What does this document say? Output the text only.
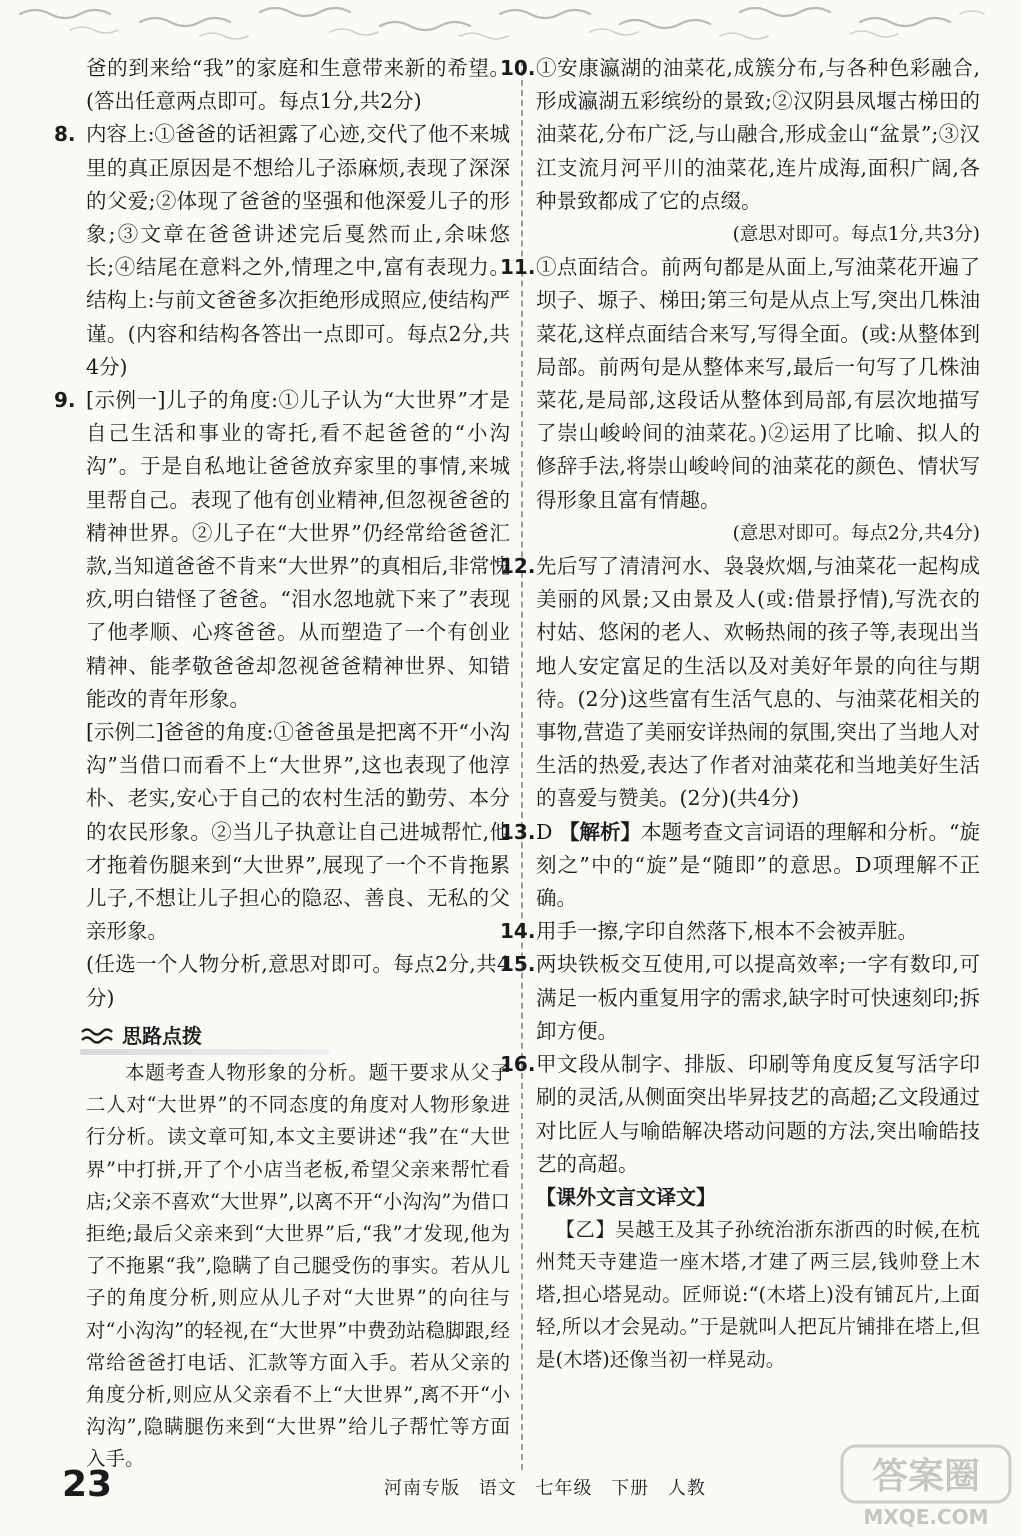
爸的到来给“我”的家庭和生意带来新的希望。(答出任意两点即可。每点1分,共2分)
8. 内容上:①爸爸的话袒露了心迹,交代了他不来城里的真正原因是不想给儿子添麻烦,表现了深深的父爱;②体现了爸爸的坚强和他深爱儿子的形象;③文章在爸爸讲述完后戛然而止,余味悠长;④结尾在意料之外,情理之中,富有表现力。结构上:与前文爸爸多次拒绝形成照应,使结构严谨。(内容和结构各答出一点即可。每点2分,共4分)
9. [示例一]儿子的角度:①儿子认为“大世界”才是自己生活和事业的寄托,看不起爸爸的“小沟沟”。于是自私地让爸爸放弃家里的事情,来城里帮自己。表现了他有创业精神,但忽视爸爸的精神世界。②儿子在“大世界”仍经常给爸爸汇款,当知道爸爸不肯来“大世界”的真相后,非常愧疚,明白错怪了爸爸。“泪水忽地就下来了”表现了他孝顺、心疼爸爸。从而塑造了一个有创业精神、能孝敬爸爸却忽视爸爸精神世界、知错能改的青年形象。
[示例二]爸爸的角度:①爸爸虽是把离不开“小沟沟”当借口而看不上“大世界”,这也表现了他淳朴、老实,安心于自己的农村生活的勤劳、本分的农民形象。②当儿子执意让自己进城帮忙,他才拖着伤腿来到“大世界”,展现了一个不肯拖累儿子,不想让儿子担心的隐忍、善良、无私的父亲形象。
(任选一个人物分析,意思对即可。每点2分,共4分)
思路点拨
本题考查人物形象的分析。题干要求从父子二人对“大世界”的不同态度的角度对人物形象进行分析。读文章可知,本文主要讲述“我”在“大世界”中打拼,开了个小店当老板,希望父亲来帮忙看店;父亲不喜欢“大世界”,以离不开“小沟沟”为借口拒绝;最后父亲来到“大世界”后,“我”才发现,他为了不拖累“我”,隐瞒了自己腿受伤的事实。若从儿子的角度分析,则应从儿子对“大世界”的向往与对“小沟沟”的轻视,在“大世界”中费劲站稳脚跟,经常给爸爸打电话、汇款等方面入手。若从父亲的角度分析,则应从父亲看不上“大世界”,离不开“小沟沟”,隐瞒腿伤来到“大世界”给儿子帮忙等方面入手。
10. ①安康瀛湖的油菜花,成簇分布,与各种色彩融合,形成瀛湖五彩缤纷的景致;②汉阴县凤堰古梯田的油菜花,分布广泛,与山融合,形成金山“盆景”;③汉江支流月河平川的油菜花,连片成海,面积广阔,各种景致都成了它的点缀。
(意思对即可。每点1分,共3分)
11. ①点面结合。前两句都是从面上,写油菜花开遍了坝子、塬子、梯田;第三句是从点上写,突出几株油菜花,这样点面结合来写,写得全面。(或:从整体到局部。前两句是从整体来写,最后一句写了几株油菜花,是局部,这段话从整体到局部,有层次地描写了崇山峻岭间的油菜花。)②运用了比喻、拟人的修辞手法,将崇山峻岭间的油菜花的颜色、情状写得形象且富有情趣。
(意思对即可。每点2分,共4分)
12. 先后写了清清河水、袅袅炊烟,与油菜花一起构成美丽的风景;又由景及人(或:借景抒情),写洗衣的村姑、悠闲的老人、欢畅热闹的孩子等,表现出当地人安定富足的生活以及对美好年景的向往与期待。(2分)这些富有生活气息的、与油菜花相关的事物,营造了美丽安详热闹的氛围,突出了当地人对生活的热爱,表达了作者对油菜花和当地美好生活的喜爱与赞美。(2分)(共4分)
13. D 【解析】本题考查文言词语的理解和分析。“旋刻之”中的“旋”是“随即”的意思。D项理解不正确。
14. 用手一擦,字印自然落下,根本不会被弄脏。
15. 两块铁板交互使用,可以提高效率;一字有数印,可满足一板内重复用字的需求,缺字时可快速刻印;拆卸方便。
16. 甲文段从制字、排版、印刷等角度反复写活字印刷的灵活,从侧面突出毕昇技艺的高超;乙文段通过对比匠人与喻皓解决塔动问题的方法,突出喻皓技艺的高超。
【课外文言文译文】
【乙】吴越王及其子孙统治浙东浙西的时候,在杭州梵天寺建造一座木塔,才建了两三层,钱帅登上木塔,担心塔晃动。匠师说:“(木塔上)没有铺瓦片,上面轻,所以才会晃动。”于是就叫人把瓦片铺排在塔上,但是(木塔)还像当初一样晃动。
23	河南专版 语文 七年级 下册 人教	答案圈
MXQE.COM
